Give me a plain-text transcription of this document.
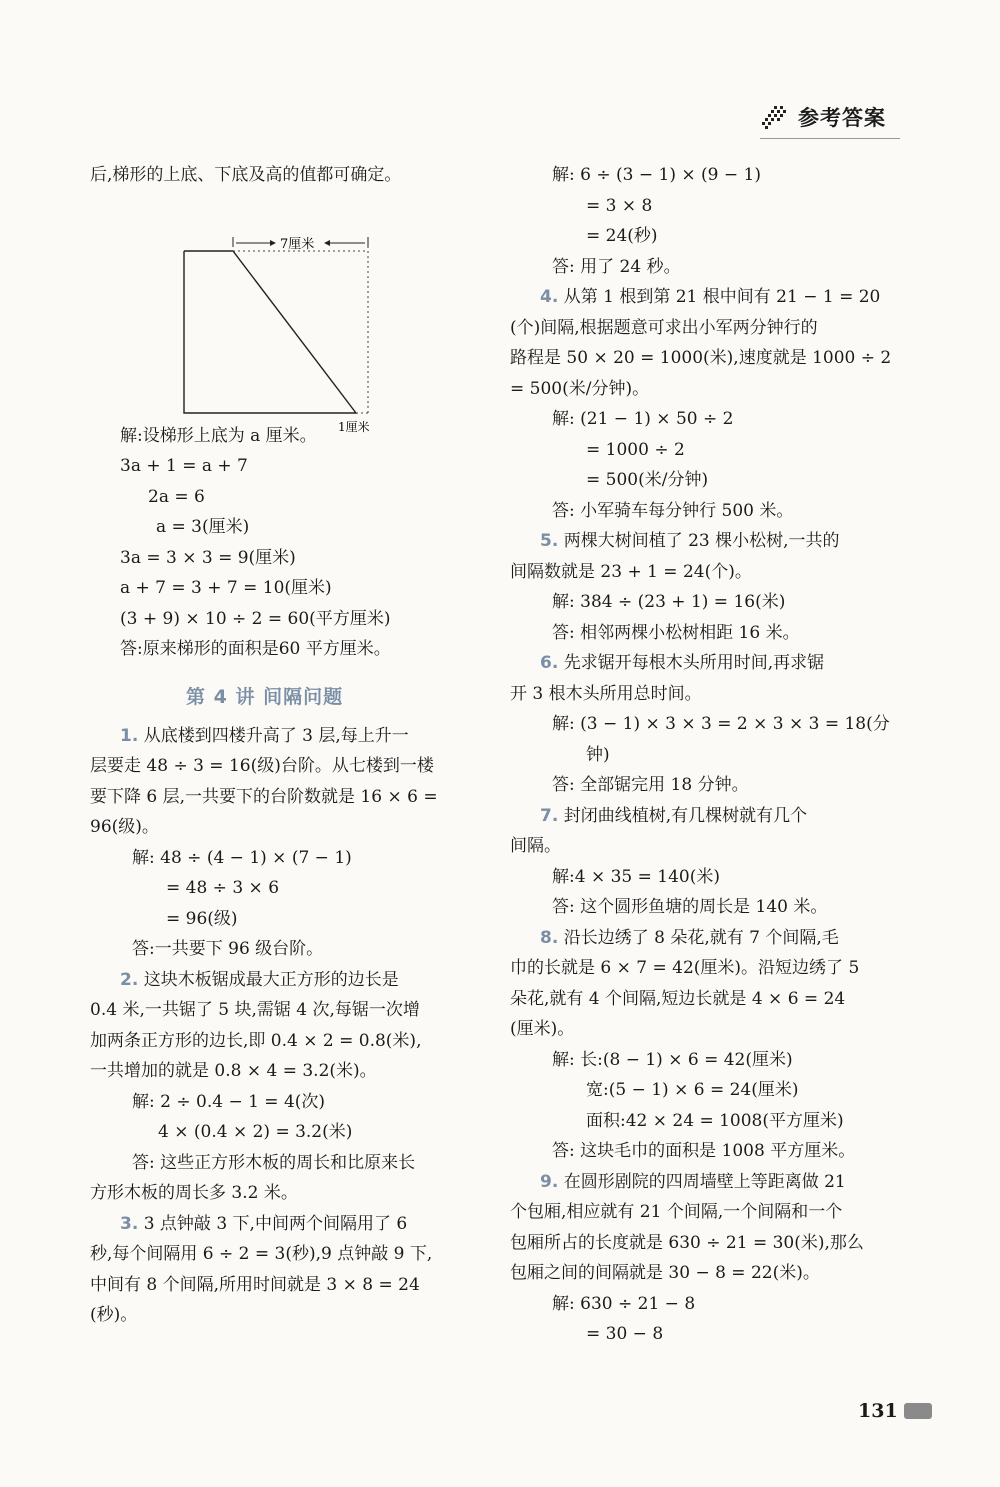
参考答案
后,梯形的上底、下底及高的值都可确定。
7厘米
1厘米
解:设梯形上底为 a 厘米。
3a + 1 = a + 7
2a = 6
a = 3(厘米)
3a = 3 × 3 = 9(厘米)
a + 7 = 3 + 7 = 10(厘米)
(3 + 9) × 10 ÷ 2 = 60(平方厘米)
答:原来梯形的面积是60 平方厘米。
第 4 讲 间隔问题
1. 从底楼到四楼升高了 3 层,每上升一
层要走 48 ÷ 3 = 16(级)台阶。从七楼到一楼
要下降 6 层,一共要下的台阶数就是 16 × 6 =
96(级)。
解: 48 ÷ (4 − 1) × (7 − 1)
= 48 ÷ 3 × 6
= 96(级)
答:一共要下 96 级台阶。
2. 这块木板锯成最大正方形的边长是
0.4 米,一共锯了 5 块,需锯 4 次,每锯一次增
加两条正方形的边长,即 0.4 × 2 = 0.8(米),
一共增加的就是 0.8 × 4 = 3.2(米)。
解: 2 ÷ 0.4 − 1 = 4(次)
4 × (0.4 × 2) = 3.2(米)
答: 这些正方形木板的周长和比原来长
方形木板的周长多 3.2 米。
3. 3 点钟敲 3 下,中间两个间隔用了 6
秒,每个间隔用 6 ÷ 2 = 3(秒),9 点钟敲 9 下,
中间有 8 个间隔,所用时间就是 3 × 8 = 24
(秒)。
解: 6 ÷ (3 − 1) × (9 − 1)
= 3 × 8
= 24(秒)
答: 用了 24 秒。
4. 从第 1 根到第 21 根中间有 21 − 1 = 20
(个)间隔,根据题意可求出小军两分钟行的
路程是 50 × 20 = 1000(米),速度就是 1000 ÷ 2
= 500(米/分钟)。
解: (21 − 1) × 50 ÷ 2
= 1000 ÷ 2
= 500(米/分钟)
答: 小军骑车每分钟行 500 米。
5. 两棵大树间植了 23 棵小松树,一共的
间隔数就是 23 + 1 = 24(个)。
解: 384 ÷ (23 + 1) = 16(米)
答: 相邻两棵小松树相距 16 米。
6. 先求锯开每根木头所用时间,再求锯
开 3 根木头所用总时间。
解: (3 − 1) × 3 × 3 = 2 × 3 × 3 = 18(分
钟)
答: 全部锯完用 18 分钟。
7. 封闭曲线植树,有几棵树就有几个
间隔。
解:4 × 35 = 140(米)
答: 这个圆形鱼塘的周长是 140 米。
8. 沿长边绣了 8 朵花,就有 7 个间隔,毛
巾的长就是 6 × 7 = 42(厘米)。沿短边绣了 5
朵花,就有 4 个间隔,短边长就是 4 × 6 = 24
(厘米)。
解: 长:(8 − 1) × 6 = 42(厘米)
宽:(5 − 1) × 6 = 24(厘米)
面积:42 × 24 = 1008(平方厘米)
答: 这块毛巾的面积是 1008 平方厘米。
9. 在圆形剧院的四周墙壁上等距离做 21
个包厢,相应就有 21 个间隔,一个间隔和一个
包厢所占的长度就是 630 ÷ 21 = 30(米),那么
包厢之间的间隔就是 30 − 8 = 22(米)。
解: 630 ÷ 21 − 8
= 30 − 8
131
